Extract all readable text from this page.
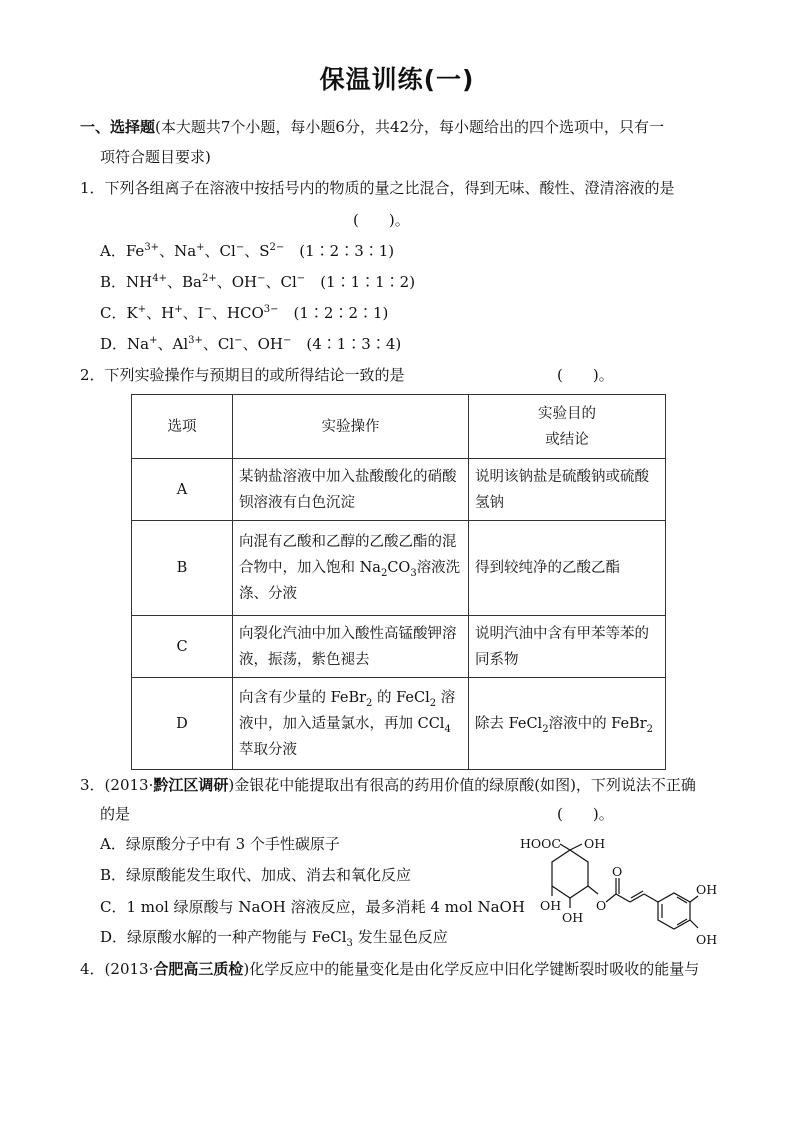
保温训练(一)
一、选择题(本大题共7个小题，每小题6分，共42分，每小题给出的四个选项中，只有一
项符合题目要求)
1．下列各组离子在溶液中按括号内的物质的量之比混合，得到无味、酸性、澄清溶液的是
(　　)。
A．$Fe^{3+}$、Na+、Cl−、$S^{2-}$　 (1∶2∶3∶1)
B．$NH^{4+}$、$Ba^{2+}$、OH−、Cl−　 (1∶1∶1∶2)
C．K+、H+、I−、$HCO^{3-}$　 (1∶2∶2∶1)
D．Na+、$Al^{3+}$、Cl−、OH−　 (4∶1∶3∶4)
2．下列实验操作与预期目的或所得结论一致的是	(　　)。
选项	实验操作	实验目的
或结论
A	某钠盐溶液中加入盐酸酸化的硝酸钡溶液有白色沉淀	说明该钠盐是硫酸钠或硫酸氢钠
B	向混有乙酸和乙醇的乙酸乙酯的混合物中，加入饱和 $Na_2CO_3$溶液洗涤、分液	得到较纯净的乙酸乙酯
C	向裂化汽油中加入酸性高锰酸钾溶液，振荡，紫色褪去	说明汽油中含有甲苯等苯的同系物
D	向含有少量的 FeBr$_2$ 的 FeCl$_2$ 溶液中，加入适量氯水，再加 CCl$_4$ 萃取分液	除去 FeCl$_2$溶液中的 FeBr$_2$
3．(2013·黔江区调研)金银花中能提取出有很高的药用价值的绿原酸(如图)，下列说法不正确
的是	(　　)。
A．绿原酸分子中有 3 个手性碳原子
B．绿原酸能发生取代、加成、消去和氧化反应
C．1 mol 绿原酸与 NaOH 溶液反应，最多消耗 4 mol NaOH
D．绿原酸水解的一种产物能与 FeCl$_3$ 发生显色反应
HOOC OH
OH
OH
O
O
OH
OH
4．(2013·合肥高三质检)化学反应中的能量变化是由化学反应中旧化学键断裂时吸收的能量与
